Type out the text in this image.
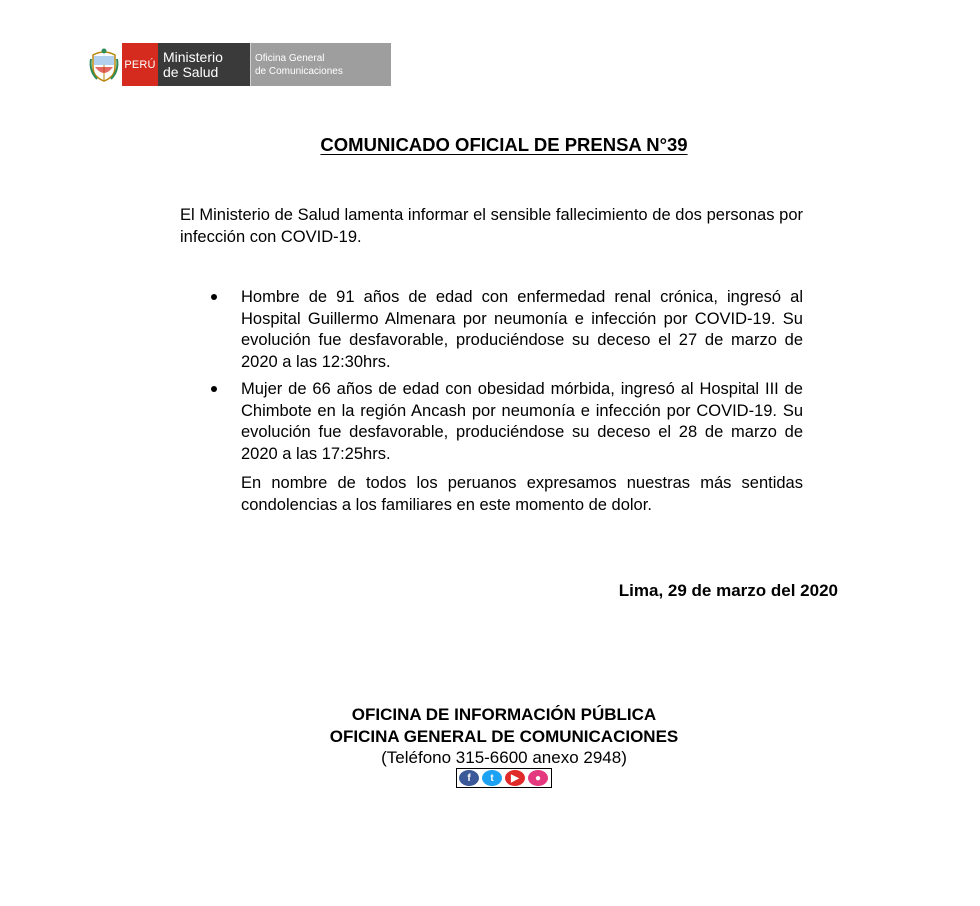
PERÚ Ministerio
de Salud
Oficina General
de Comunicaciones
COMUNICADO OFICIAL DE PRENSA N°39
El Ministerio de Salud lamenta informar el sensible fallecimiento de dos personas por infección con COVID-19.
Hombre de 91 años de edad con enfermedad renal crónica, ingresó al Hospital Guillermo Almenara por neumonía e infección por COVID-19. Su evolución fue desfavorable, produciéndose su deceso el 27 de marzo de 2020 a las 12:30hrs.
Mujer de 66 años de edad con obesidad mórbida, ingresó al Hospital III de Chimbote en la región Ancash por neumonía e infección por COVID-19. Su evolución fue desfavorable, produciéndose su deceso el 28 de marzo de 2020 a las 17:25hrs.
En nombre de todos los peruanos expresamos nuestras más sentidas condolencias a los familiares en este momento de dolor.
Lima, 29 de marzo del 2020
OFICINA DE INFORMACIÓN PÚBLICA
OFICINA GENERAL DE COMUNICACIONES
(Teléfono 315-6600 anexo 2948)
f	t	▶	●
